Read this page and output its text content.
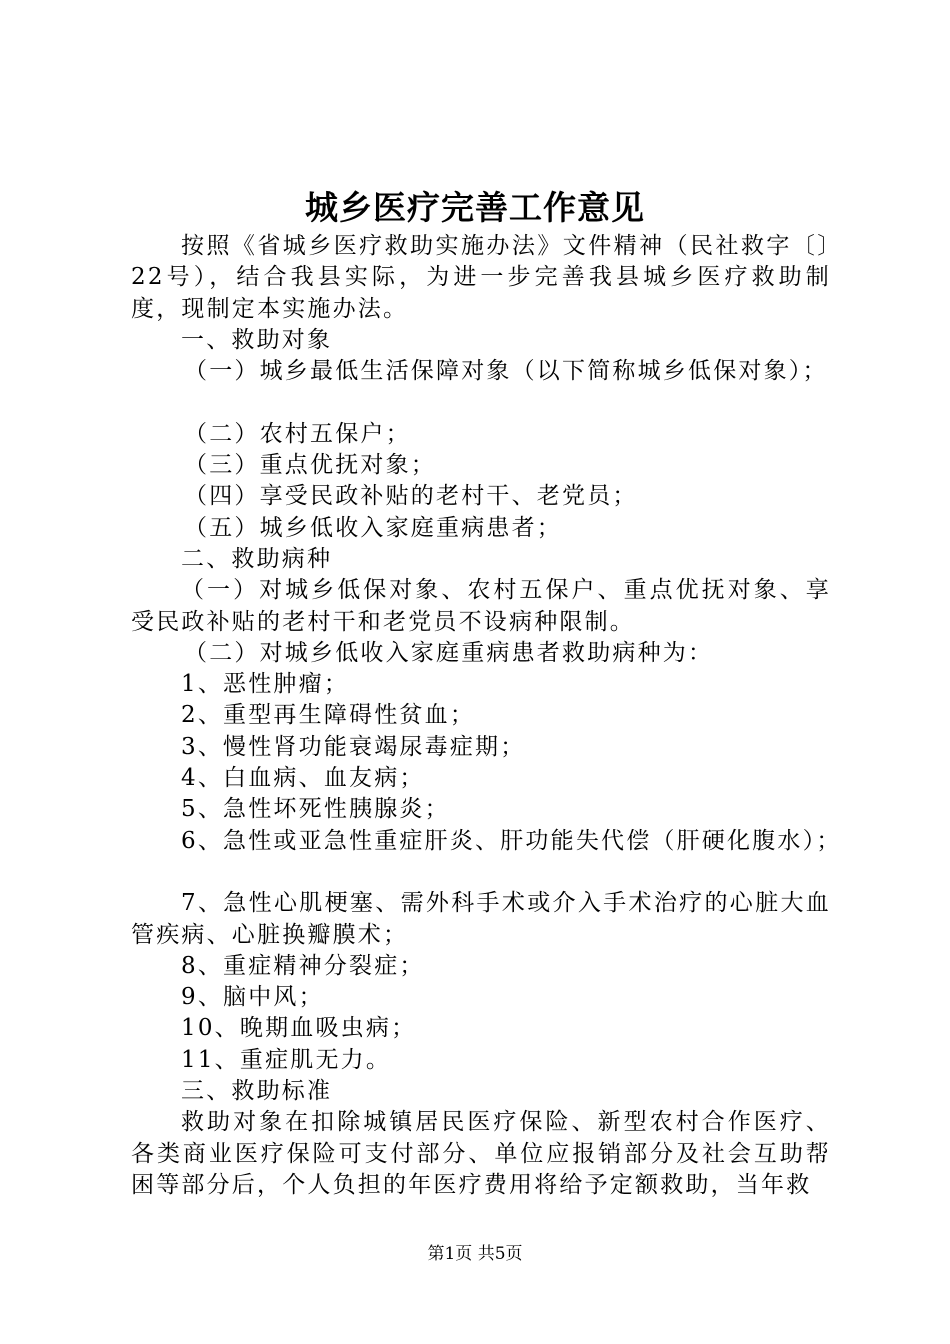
城乡医疗完善工作意见

按照《省城乡医疗救助实施办法》文件精神（民社救字〔〕22号），结合我县实际，为进一步完善我县城乡医疗救助制度，现制定本实施办法。

一、救助对象

（一）城乡最低生活保障对象（以下简称城乡低保对象）；

（二）农村五保户；

（三）重点优抚对象；

（四）享受民政补贴的老村干、老党员；

（五）城乡低收入家庭重病患者；

二、救助病种

（一）对城乡低保对象、农村五保户、重点优抚对象、享受民政补贴的老村干和老党员不设病种限制。

（二）对城乡低收入家庭重病患者救助病种为：

1、恶性肿瘤；

2、重型再生障碍性贫血；

3、慢性肾功能衰竭尿毒症期；

4、白血病、血友病；

5、急性坏死性胰腺炎；

6、急性或亚急性重症肝炎、肝功能失代偿（肝硬化腹水）；

7、急性心肌梗塞、需外科手术或介入手术治疗的心脏大血管疾病、心脏换瓣膜术；

8、重症精神分裂症；

9、脑中风；

10、晚期血吸虫病；

11、重症肌无力。

三、救助标准

救助对象在扣除城镇居民医疗保险、新型农村合作医疗、各类商业医疗保险可支付部分、单位应报销部分及社会互助帮困等部分后，个人负担的年医疗费用将给予定额救助，当年救

第1页 共5页
